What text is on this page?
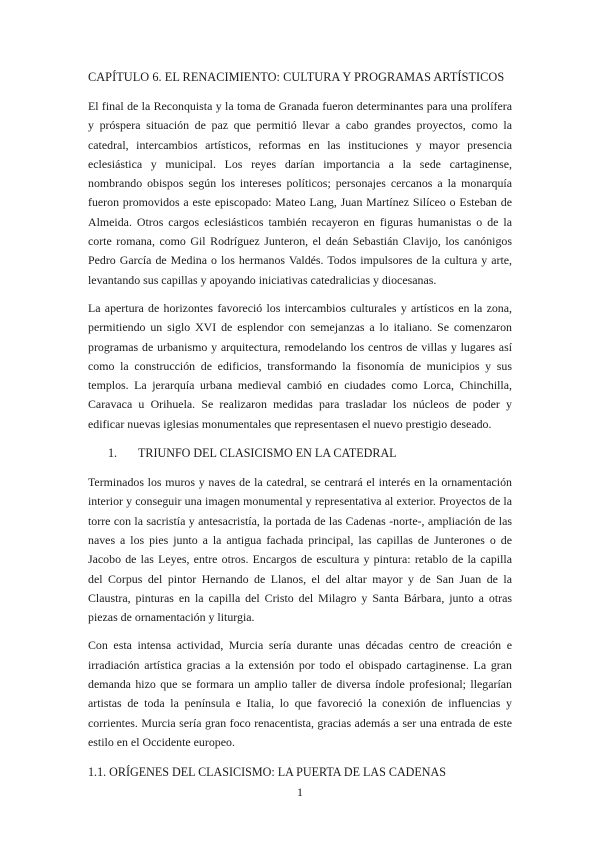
CAPÍTULO 6. EL RENACIMIENTO: CULTURA Y PROGRAMAS ARTÍSTICOS

El final de la Reconquista y la toma de Granada fueron determinantes para una prolífera y próspera situación de paz que permitió llevar a cabo grandes proyectos, como la catedral, intercambios artísticos, reformas en las instituciones y mayor presencia eclesiástica y municipal. Los reyes darían importancia a la sede cartaginense, nombrando obispos según los intereses políticos; personajes cercanos a la monarquía fueron promovidos a este episcopado: Mateo Lang, Juan Martínez Silíceo o Esteban de Almeida. Otros cargos eclesiásticos también recayeron en figuras humanistas o de la corte romana, como Gil Rodríguez Junteron, el deán Sebastián Clavijo, los canónigos Pedro García de Medina o los hermanos Valdés. Todos impulsores de la cultura y arte, levantando sus capillas y apoyando iniciativas catedralicias y diocesanas.

La apertura de horizontes favoreció los intercambios culturales y artísticos en la zona, permitiendo un siglo XVI de esplendor con semejanzas a lo italiano. Se comenzaron programas de urbanismo y arquitectura, remodelando los centros de villas y lugares así como la construcción de edificios, transformando la fisonomía de municipios y sus templos. La jerarquía urbana medieval cambió en ciudades como Lorca, Chinchilla, Caravaca u Orihuela. Se realizaron medidas para trasladar los núcleos de poder y edificar nuevas iglesias monumentales que representasen el nuevo prestigio deseado.

1. TRIUNFO DEL CLASICISMO EN LA CATEDRAL

Terminados los muros y naves de la catedral, se centrará el interés en la ornamentación interior y conseguir una imagen monumental y representativa al exterior. Proyectos de la torre con la sacristía y antesacristía, la portada de las Cadenas -norte-, ampliación de las naves a los pies junto a la antigua fachada principal, las capillas de Junterones o de Jacobo de las Leyes, entre otros. Encargos de escultura y pintura: retablo de la capilla del Corpus del pintor Hernando de Llanos, el del altar mayor y de San Juan de la Claustra, pinturas en la capilla del Cristo del Milagro y Santa Bárbara, junto a otras piezas de ornamentación y liturgia.

Con esta intensa actividad, Murcia sería durante unas décadas centro de creación e irradiación artística gracias a la extensión por todo el obispado cartaginense. La gran demanda hizo que se formara un amplio taller de diversa índole profesional; llegarían artistas de toda la península e Italia, lo que favoreció la conexión de influencias y corrientes. Murcia sería gran foco renacentista, gracias además a ser una entrada de este estilo en el Occidente europeo.

1.1. ORÍGENES DEL CLASICISMO: LA PUERTA DE LAS CADENAS
1
